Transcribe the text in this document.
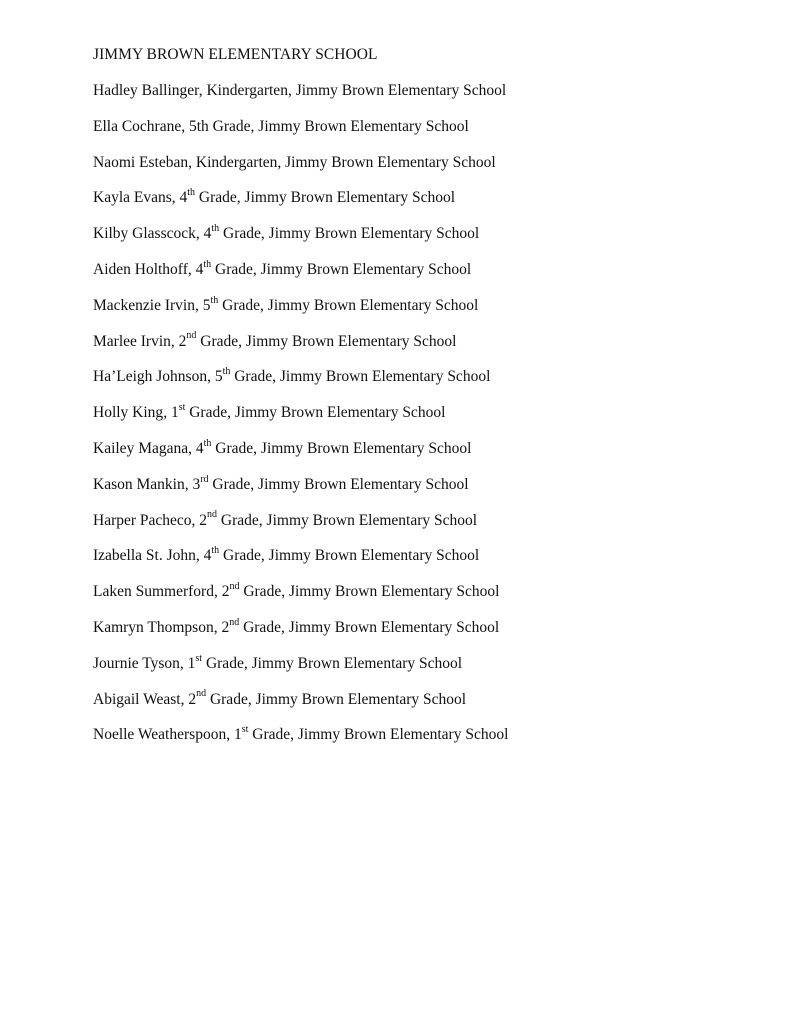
JIMMY BROWN ELEMENTARY SCHOOL
Hadley Ballinger, Kindergarten, Jimmy Brown Elementary School
Ella Cochrane, 5th Grade, Jimmy Brown Elementary School
Naomi Esteban, Kindergarten, Jimmy Brown Elementary School
Kayla Evans, 4th Grade, Jimmy Brown Elementary School
Kilby Glasscock, 4th Grade, Jimmy Brown Elementary School
Aiden Holthoff, 4th Grade, Jimmy Brown Elementary School
Mackenzie Irvin, 5th Grade, Jimmy Brown Elementary School
Marlee Irvin, 2nd Grade, Jimmy Brown Elementary School
Ha’Leigh Johnson, 5th Grade, Jimmy Brown Elementary School
Holly King, 1st Grade, Jimmy Brown Elementary School
Kailey Magana, 4th Grade, Jimmy Brown Elementary School
Kason Mankin, 3rd Grade, Jimmy Brown Elementary School
Harper Pacheco, 2nd Grade, Jimmy Brown Elementary School
Izabella St. John, 4th Grade, Jimmy Brown Elementary School
Laken Summerford, 2nd Grade, Jimmy Brown Elementary School
Kamryn Thompson, 2nd Grade, Jimmy Brown Elementary School
Journie Tyson, 1st Grade, Jimmy Brown Elementary School
Abigail Weast, 2nd Grade, Jimmy Brown Elementary School
Noelle Weatherspoon, 1st Grade, Jimmy Brown Elementary School
